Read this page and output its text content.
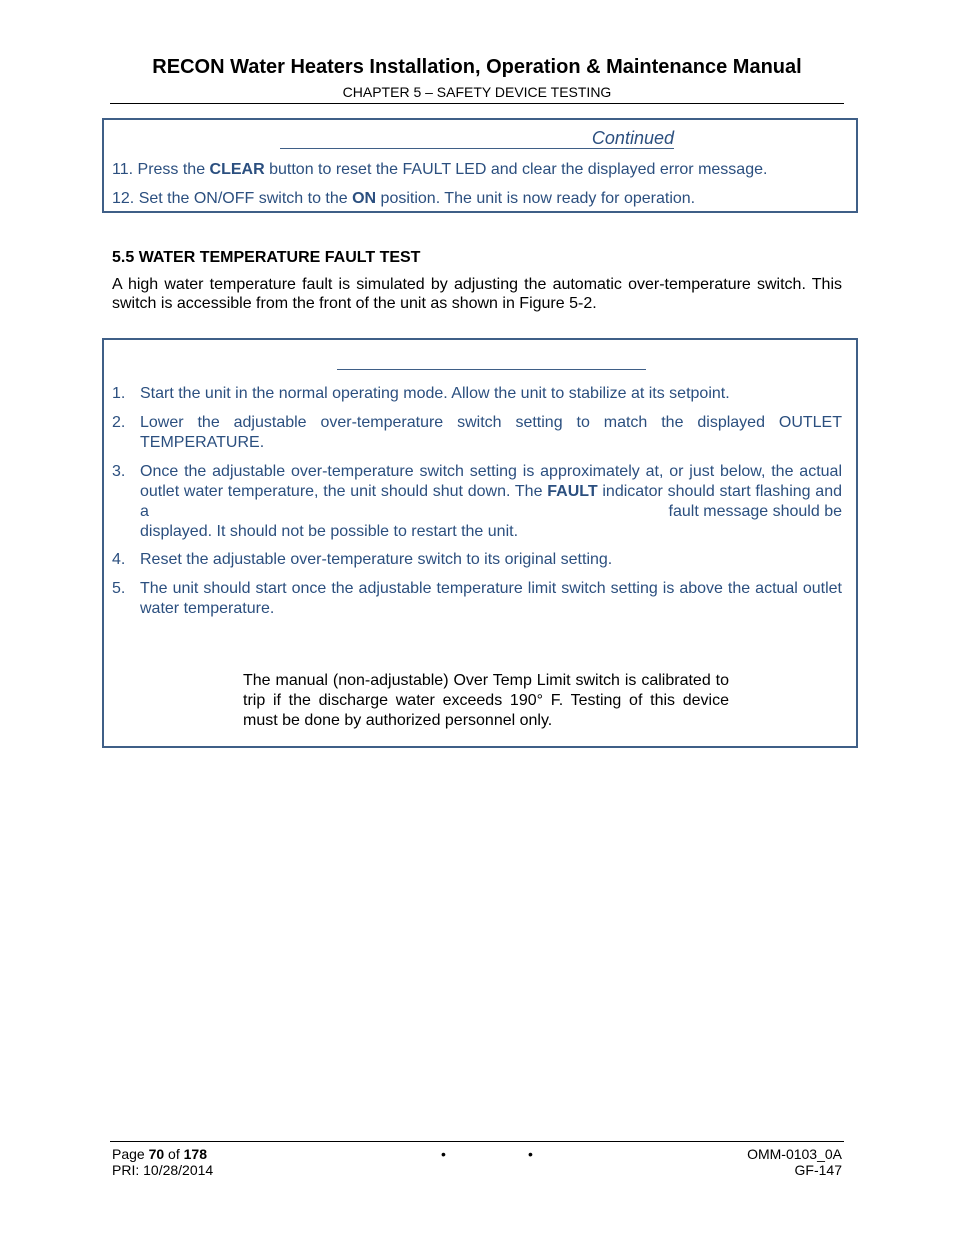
RECON Water Heaters Installation, Operation & Maintenance Manual
CHAPTER 5 – SAFETY DEVICE TESTING
Continued
11. Press the CLEAR button to reset the FAULT LED and clear the displayed error message.
12. Set the ON/OFF switch to the ON position. The unit is now ready for operation.
5.5 WATER TEMPERATURE FAULT TEST
A high water temperature fault is simulated by adjusting the automatic over-temperature switch. This switch is accessible from the front of the unit as shown in Figure 5-2.
1. Start the unit in the normal operating mode. Allow the unit to stabilize at its setpoint.
2. Lower the adjustable over-temperature switch setting to match the displayed OUTLET TEMPERATURE.
3. Once the adjustable over-temperature switch setting is approximately at, or just below, the actual outlet water temperature, the unit should shut down. The FAULT indicator should start flashing and a	fault message should be
displayed. It should not be possible to restart the unit.
4. Reset the adjustable over-temperature switch to its original setting.
5. The unit should start once the adjustable temperature limit switch setting is above the actual outlet water temperature.
The manual (non-adjustable) Over Temp Limit switch is calibrated to trip if the discharge water exceeds 190° F. Testing of this device must be done by authorized personnel only.
Page 70 of 178
PRI: 10/28/2014
•	•	OMM-0103_0A
GF-147
